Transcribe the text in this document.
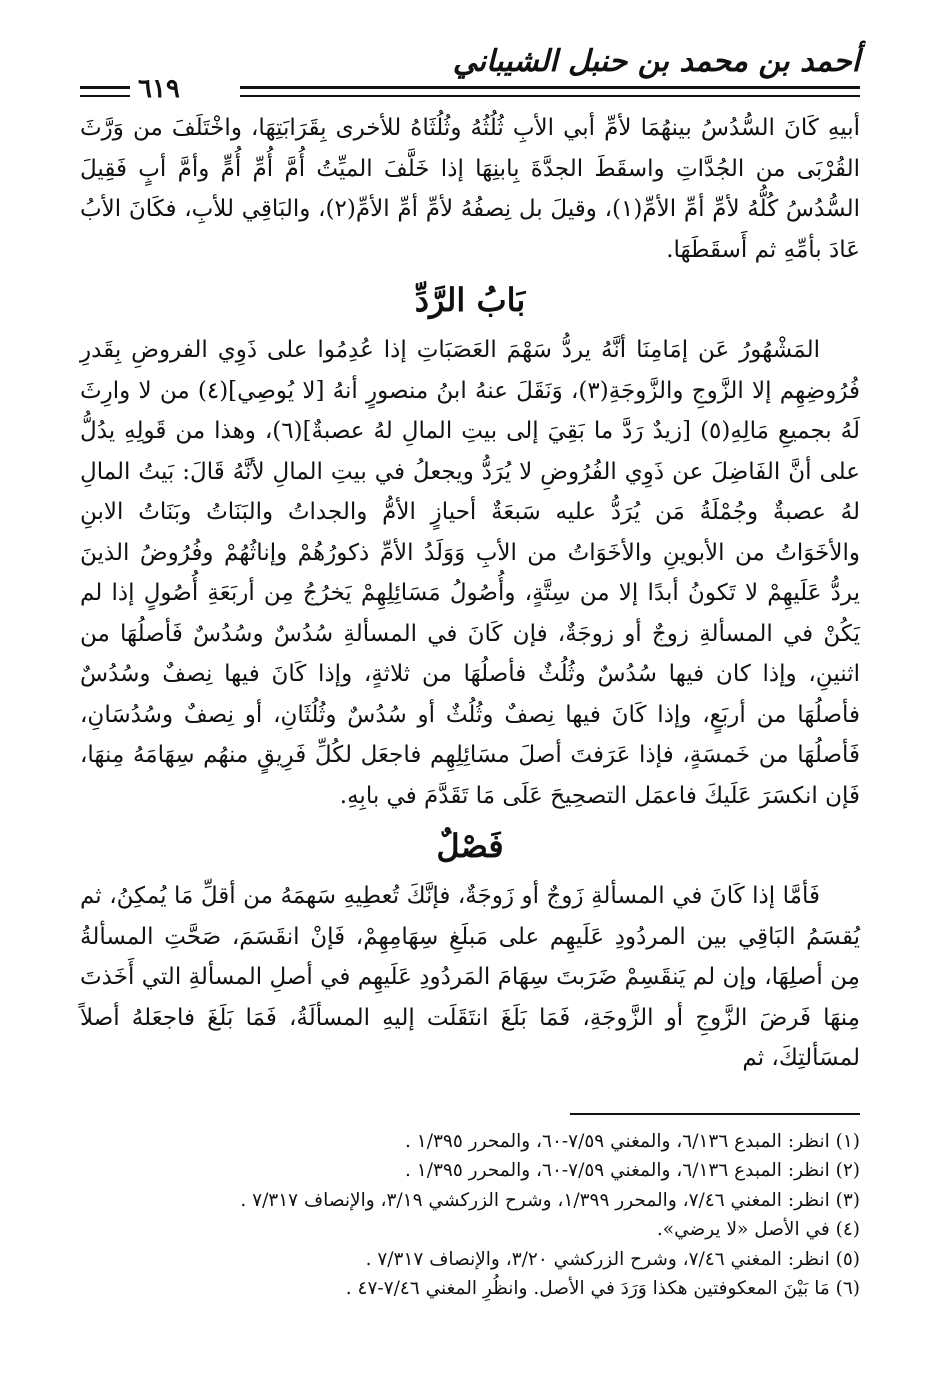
أحمد بن محمد بن حنبل الشيباني
٦١٩

أبيهِ كَانَ السُّدُسُ بينهُمَا لأمِّ أبي الأبِ ثُلُثُهُ وثُلُثَاهُ للأخرى بِقَرَابَتِهَا، واخْتَلَفَ من وَرَّثَ القُرْبَى من الجُدَّاتِ واسقَطَ الجدَّةَ بِابنِهَا إذا خَلَّفَ الميِّتُ أُمَّ أُمِّ أُمٍّ وأمَّ أبٍ فَقِيلَ السُّدُسُ كُلُّهُ لأمِّ أمِّ الأمِّ(١)، وقيلَ بل نِصفُهُ لأمِّ أمِّ الأمِّ(٢)، والبَاقِي للأبِ، فكَانَ الأبُ عَادَ بأمِّهِ ثم أَسقَطَهَا.

بَابُ الرَّدِّ

المَشْهُورُ عَن إمَامِنَا أنَّهُ يردُّ سَهْمَ العَصَبَاتِ إذا عُدِمُوا على ذَوِي الفروضِ بِقَدرِ فُرُوضِهِم إلا الزَّوجِ والزَّوجَةِ(٣)، وَنَقَلَ عنهُ ابنُ منصورٍ أنهُ [لا يُوصِي](٤) من لا وارِثَ لَهُ بجميعِ مَالِهِ(٥) [زيدٌ رَدَّ ما بَقِيَ إلى بيتِ المالِ لهُ عصبةٌ](٦)، وهذا من قَولِهِ يدُلُّ على أنَّ الفَاضِلَ عن ذَوِي الفُرُوضِ لا يُرَدُّ ويجعلُ في بيتِ المالِ لأنَّهُ قَالَ: بَيتُ المالِ لهُ عصبةٌ وجُمْلَةُ مَن يُرَدُّ عليه سَبعَةٌ أحيازٍ الأمُّ والجداتُ والبَنَاتُ وبَنَاتُ الابنِ والأخَوَاتُ من الأبوينِ والأخَوَاتُ من الأبِ وَوَلَدُ الأمِّ ذكورُهُمْ وإناثُهُمْ وفُرُوضُ الذينَ يردُّ عَلَيهِمْ لا تَكونُ أبدًا إلا من سِتَّةٍ، وأُصُولُ مَسَائِلِهِمْ يَخرُجُ مِن أربَعَةِ أُصُولٍ إذا لم يَكُنْ في المسألةِ زوجٌ أو زوجَةٌ، فإن كَانَ في المسألةِ سُدُسٌ وسُدُسٌ فَأصلُهَا من اثنينِ، وإذا كان فيها سُدُسٌ وثُلُثٌ فأصلُهَا من ثلاثةٍ، وإذا كَانَ فيها نِصفٌ وسُدُسٌ فأصلُهَا من أربَعٍ، وإذا كَانَ فيها نِصفٌ وثُلُثٌ أو سُدُسٌ وثُلُثَانِ، أو نِصفٌ وسُدُسَانِ، فَأصلُهَا من خَمسَةٍ، فإذا عَرَفتَ أصلَ مسَائِلِهِم فاجعَل لكُلِّ فَرِيقٍ منهُم سِهَامَهُ مِنهَا، فَإن انكسَرَ عَلَيكَ فاعمَل التصحِيحَ عَلَى مَا تَقَدَّمَ في بابِهِ.

فَصْلٌ

فَأمَّا إذا كَانَ في المسألةِ زَوجٌ أو زَوجَةٌ، فإنَّكَ تُعطِيهِ سَهمَهُ من أقلِّ مَا يُمكِنُ، ثم يُقسَمُ البَاقِي بين المردُودِ عَلَيهِم على مَبلَغِ سِهَامِهِمْ، فَإنْ انقَسَمَ، صَحَّتِ المسألةُ مِن أصلِهَا، وإن لم يَنقَسِمْ ضَرَبتَ سِهَامَ المَردُودِ عَلَيهِم في أصلِ المسألةِ التي أَخَذتَ مِنهَا فَرضَ الزَّوجِ أو الزَّوجَةِ، فَمَا بَلَغَ انتَقَلَت إليهِ المسألَةُ، فَمَا بَلَغَ فاجعَلهُ أصلاً لمسَألتِكَ، ثم

(١) انظر: المبدع ٦/١٣٦، والمغني ٧/٥٩-٦٠، والمحرر ١/٣٩٥ .

(٢) انظر: المبدع ٦/١٣٦، والمغني ٧/٥٩-٦٠، والمحرر ١/٣٩٥ .

(٣) انظر: المغني ٧/٤٦، والمحرر ١/٣٩٩، وشرح الزركشي ٣/١٩، والإنصاف ٧/٣١٧ .

(٤) في الأصل «لا يرضي».

(٥) انظر: المغني ٧/٤٦، وشرح الزركشي ٣/٢٠، والإنصاف ٧/٣١٧ .

(٦) مَا بَيْنَ المعكوفتين هكذا وَرَدَ في الأصل. وانظُرِ المغني ٧/٤٦-٤٧ .
